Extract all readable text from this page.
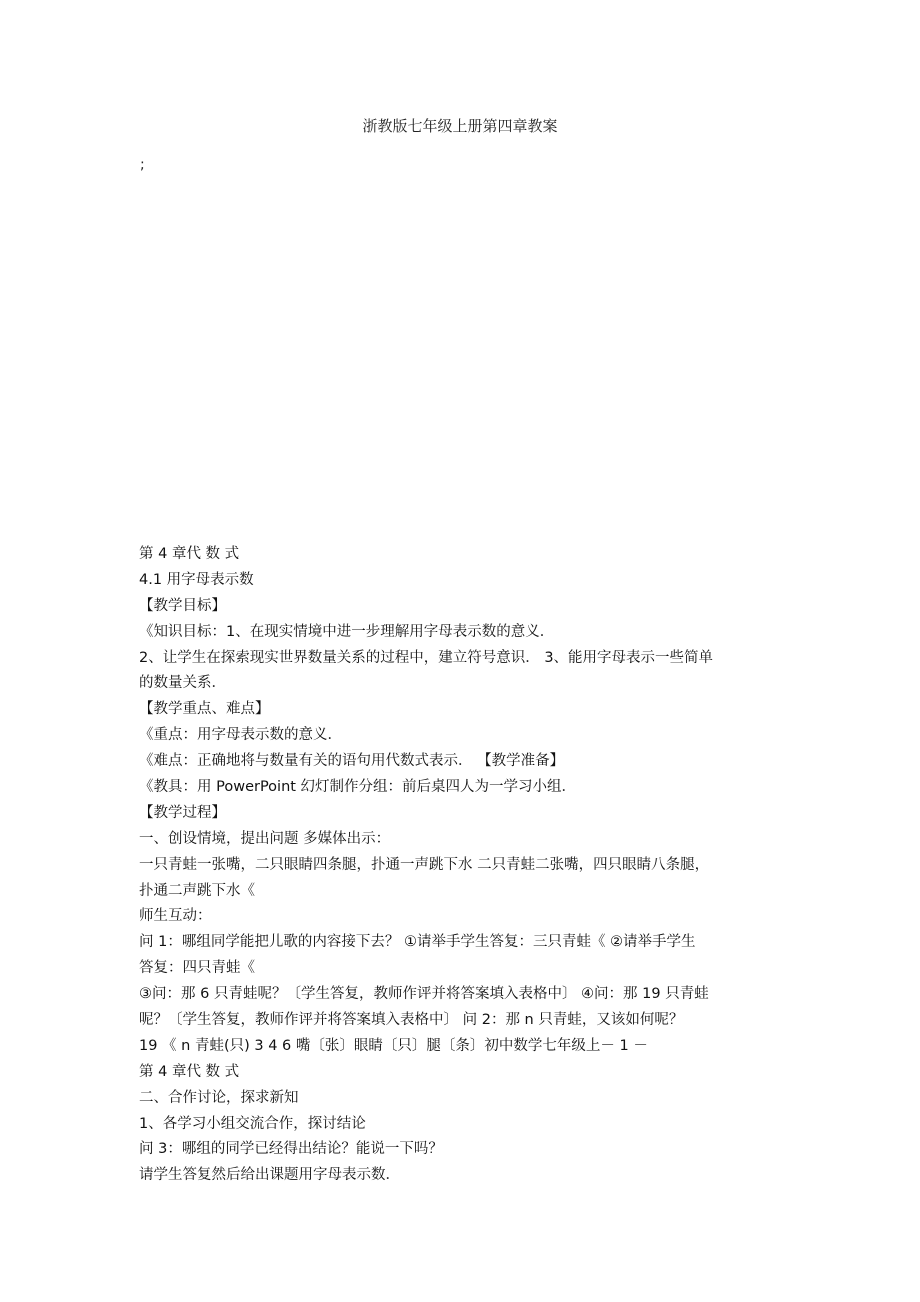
浙教版七年级上册第四章教案
;
第 4 章代 数 式
4.1 用字母表示数
【教学目标】
《知识目标：1、在现实情境中进一步理解用字母表示数的意义．
2、让学生在探索现实世界数量关系的过程中，建立符号意识． 3、能用字母表示一些简单
的数量关系．
【教学重点、难点】
《重点：用字母表示数的意义．
《难点：正确地将与数量有关的语句用代数式表示． 【教学准备】
《教具：用 PowerPoint 幻灯制作分组：前后桌四人为一学习小组．
【教学过程】
一、创设情境，提出问题 多媒体出示：
一只青蛙一张嘴，二只眼睛四条腿，扑通一声跳下水 二只青蛙二张嘴，四只眼睛八条腿，
扑通二声跳下水《
师生互动：
问 1：哪组同学能把儿歌的内容接下去？ ①请举手学生答复：三只青蛙《 ②请举手学生
答复：四只青蛙《
③问：那 6 只青蛙呢？〔学生答复，教师作评并将答案填入表格中〕 ④问：那 19 只青蛙
呢？〔学生答复，教师作评并将答案填入表格中〕 问 2：那 n 只青蛙，又该如何呢？
19 《 n 青蛙(只) 3 4 6 嘴〔张〕眼睛〔只〕腿〔条〕初中数学七年级上－ 1 －
第 4 章代 数 式
二、合作讨论，探求新知
1、各学习小组交流合作，探讨结论
问 3：哪组的同学已经得出结论？能说一下吗？
请学生答复然后给出课题用字母表示数．
